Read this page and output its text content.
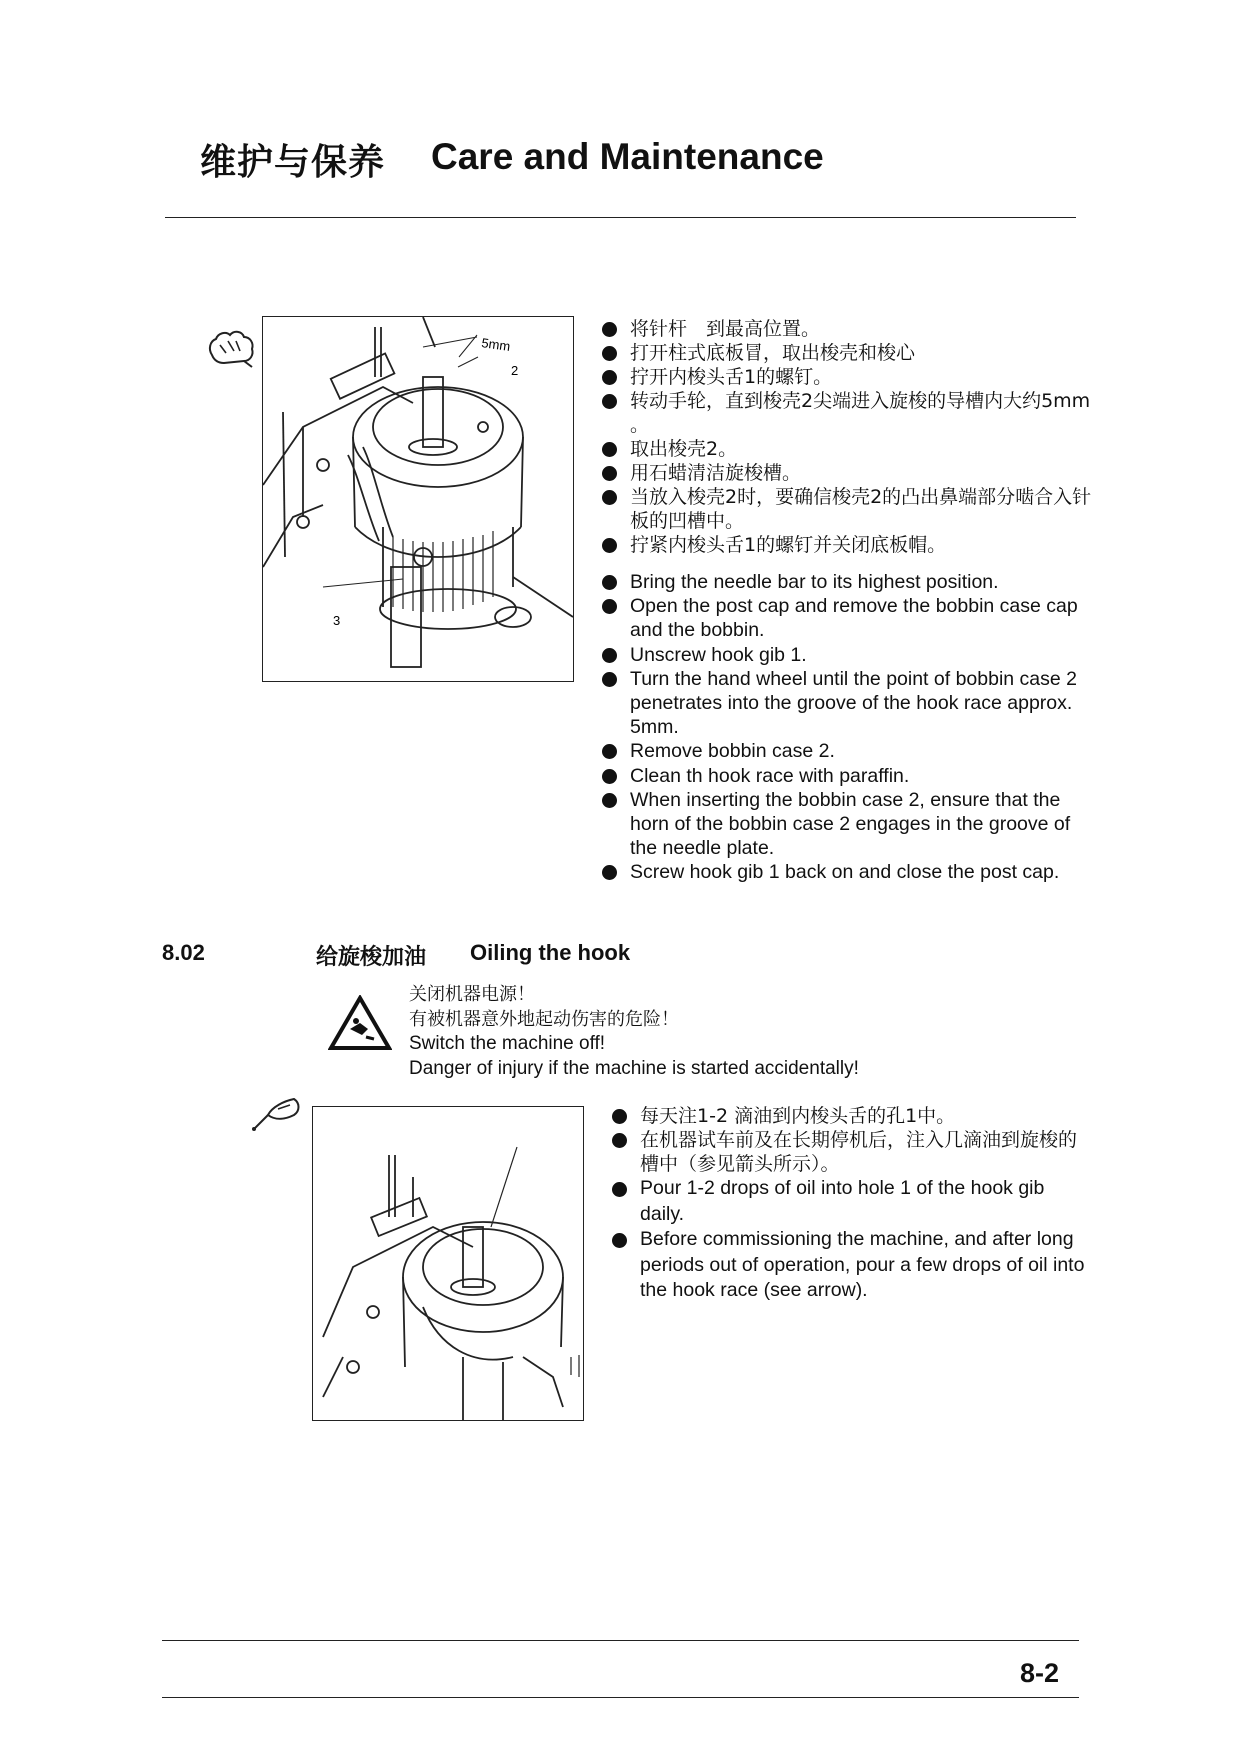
维护与保养 Care and Maintenance
5mm
2
3
将针杆　到最高位置。
打开柱式底板冒，取出梭壳和梭心
拧开内梭头舌1的螺钉。
转动手轮，直到梭壳2尖端进入旋梭的导槽内大约5mm 。
取出梭壳2。
用石蜡清洁旋梭槽。
当放入梭壳2时，要确信梭壳2的凸出鼻端部分啮合入针板的凹槽中。
拧紧内梭头舌1的螺钉并关闭底板帽。
Bring the needle bar to its highest position.
Open the post cap and remove the bobbin case cap and the bobbin.
Unscrew hook gib 1.
Turn the hand wheel until the point of bobbin case 2 penetrates into the groove of the hook race approx. 5mm.
Remove bobbin case 2.
Clean th hook race with paraffin.
When inserting the bobbin case 2, ensure that the horn of the bobbin case 2 engages in the groove of the needle plate.
Screw hook gib 1 back on and close the post cap.
8.02	给旋梭加油 Oiling the hook
关闭机器电源！
有被机器意外地起动伤害的危险！
Switch the machine off!
Danger of injury if the machine is started accidentally!
每天注1-2 滴油到内梭头舌的孔1中。
在机器试车前及在长期停机后，注入几滴油到旋梭的槽中（参见箭头所示）。
Pour 1-2 drops of oil into hole 1 of the hook gib daily.
Before commissioning the machine, and after long periods out of operation, pour a few drops of oil into the hook race (see arrow).
8-2
